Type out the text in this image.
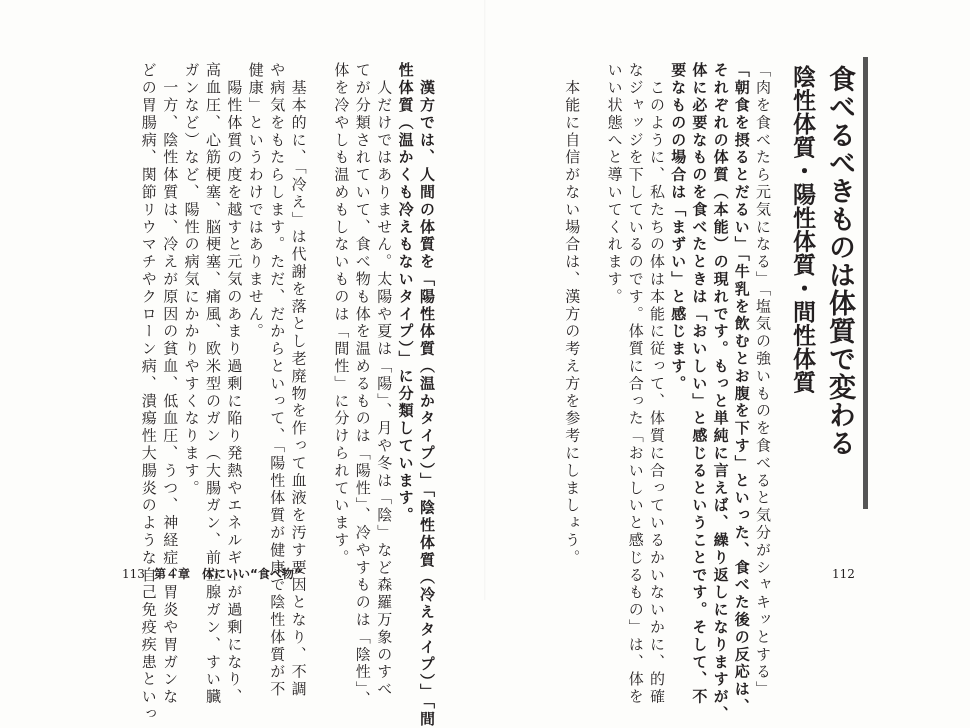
食べるべきものは体質で変わる
陰性体質・陽性体質・間性体質
「肉を食べたら元気になる」「塩気の強いものを食べると気分がシャキッとする」
「朝食を摂るとだるい」「牛乳を飲むとお腹を下す」といった、食べた後の反応は、
それぞれの体質（本能）の現れです。もっと単純に言えば、繰り返しになりますが、
体に必要なものを食べたときは「おいしい」と感じるということです。そして、不
要なものの場合は「まずい」と感じます。
　このように、私たちの体は本能に従って、体質に合っているかいないかに、的確
なジャッジを下しているのです。体質に合った「おいしいと感じるもの」は、体を
いい状態へと導いてくれます。
　本能に自信がない場合は、漢方の考え方を参考にしましょう。
　漢方では、人間の体質を「陽性体質（温かタイプ）」「陰性体質（冷えタイプ）」「間
性体質（温かくも冷えもないタイプ）」に分類しています。
　人だけではありません。太陽や夏は「陽」、月や冬は「陰」など森羅万象のすべ
てが分類されていて、食べ物も体を温めるものは「陽性」、冷やすものは「陰性」、
体を冷やしも温めもしないものは「間性」に分けられています。
　基本的に、「冷え」は代謝を落とし老廃物を作って血液を汚す要因となり、不調
や病気をもたらします。ただ、だからといって、「陽性体質が健康で陰性体質が不
健康」というわけではありません。
　陽性体質の度を越すと元気のあまり過剰に陥り発熱やエネルギーが過剰になり、
高血圧、心筋梗塞、脳梗塞、痛風、欧米型のガン（大腸ガン、前立腺ガン、すい臓
ガンなど）など、陽性の病気にかかりやすくなります。
　一方、陰性体質は、冷えが原因の貧血、低血圧、うつ、神経症、胃炎や胃ガンな
どの胃腸病、関節リウマチやクローン病、潰瘍性大腸炎のような自己免疫疾患といっ
113 第４章　体にいい“食べ物”	112
